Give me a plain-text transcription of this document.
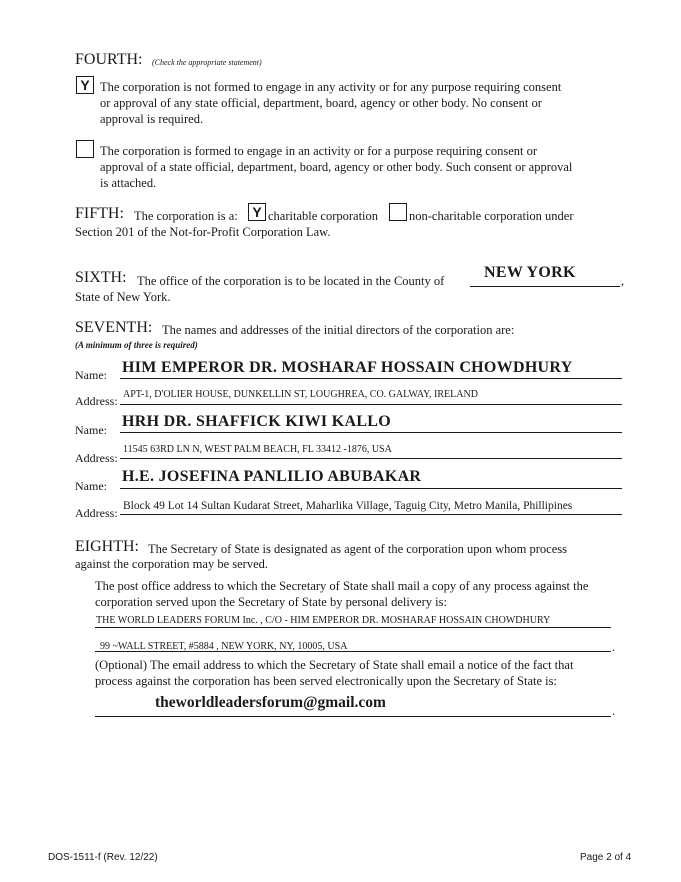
FOURTH: (Check the appropriate statement)
Y The corporation is not formed to engage in any activity or for any purpose requiring consent
or approval of any state official, department, board, agency or other body. No consent or
approval is required.
The corporation is formed to engage in an activity or for a purpose requiring consent or
approval of a state official, department, board, agency or other body. Such consent or approval
is attached.
FIFTH: The corporation is a:	Y charitable corporation non-charitable corporation under
Section 201 of the Not-for-Profit Corporation Law.
SIXTH: The office of the corporation is to be located in the County of NEW YORK	,
State of New York.
SEVENTH: The names and addresses of the initial directors of the corporation are:
(A minimum of three is required)
Name: HIM EMPEROR DR. MOSHARAF HOSSAIN CHOWDHURY
Address: APT-1, D'OLIER HOUSE, DUNKELLIN ST, LOUGHREA, CO. GALWAY, IRELAND
Name: HRH DR. SHAFFICK KIWI KALLO
Address:
11545 63RD LN N, WEST PALM BEACH, FL 33412 -1876, USA
Name:
H.E. JOSEFINA PANLILIO ABUBAKAR
Address: Block 49 Lot 14 Sultan Kudarat Street, Maharlika Village, Taguig City, Metro Manila, Phillipines
EIGHTH: The Secretary of State is designated as agent of the corporation upon whom process
against the corporation may be served.
The post office address to which the Secretary of State shall mail a copy of any process against the
corporation served upon the Secretary of State by personal delivery is:
THE WORLD LEADERS FORUM Inc. , C/O - HIM EMPEROR DR. MOSHARAF HOSSAIN CHOWDHURY
99 ~WALL STREET, #5884 , NEW YORK, NY, 10005, USA	.
(Optional) The email address to which the Secretary of State shall email a notice of the fact that
process against the corporation has been served electronically upon the Secretary of State is:
theworldleadersforum@gmail.com	.
DOS-1511-f (Rev. 12/22)	Page 2 of 4
